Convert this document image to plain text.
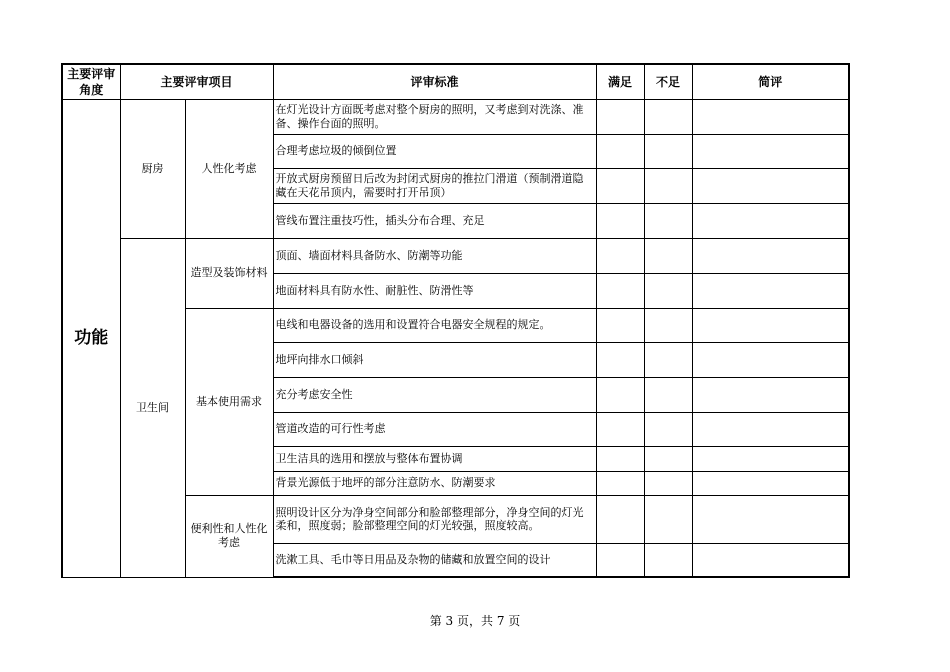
主要评审角度	主要评审项目		评审标准	满足	不足	简评
功能	厨房	人性化考虑	在灯光设计方面既考虑对整个厨房的照明，又考虑到对洗涤、准备、操作台面的照明。			
			合理考虑垃圾的倾倒位置			
			开放式厨房预留日后改为封闭式厨房的推拉门滑道（预制滑道隐藏在天花吊顶内，需要时打开吊顶）			
			管线布置注重技巧性，插头分布合理、充足			
	卫生间	造型及装饰材料	顶面、墙面材料具备防水、防潮等功能			
			地面材料具有防水性、耐脏性、防滑性等			
		基本使用需求	电线和电器设备的选用和设置符合电器安全规程的规定。			
			地坪向排水口倾斜			
			充分考虑安全性			
			管道改造的可行性考虑			
			卫生洁具的选用和摆放与整体布置协调			
			背景光源低于地坪的部分注意防水、防潮要求			
		便利性和人性化考虑	照明设计区分为净身空间部分和脸部整理部分，净身空间的灯光柔和，照度弱；脸部整理空间的灯光较强，照度较高。			
			洗漱工具、毛巾等日用品及杂物的储藏和放置空间的设计			
第 3 页，共 7 页
